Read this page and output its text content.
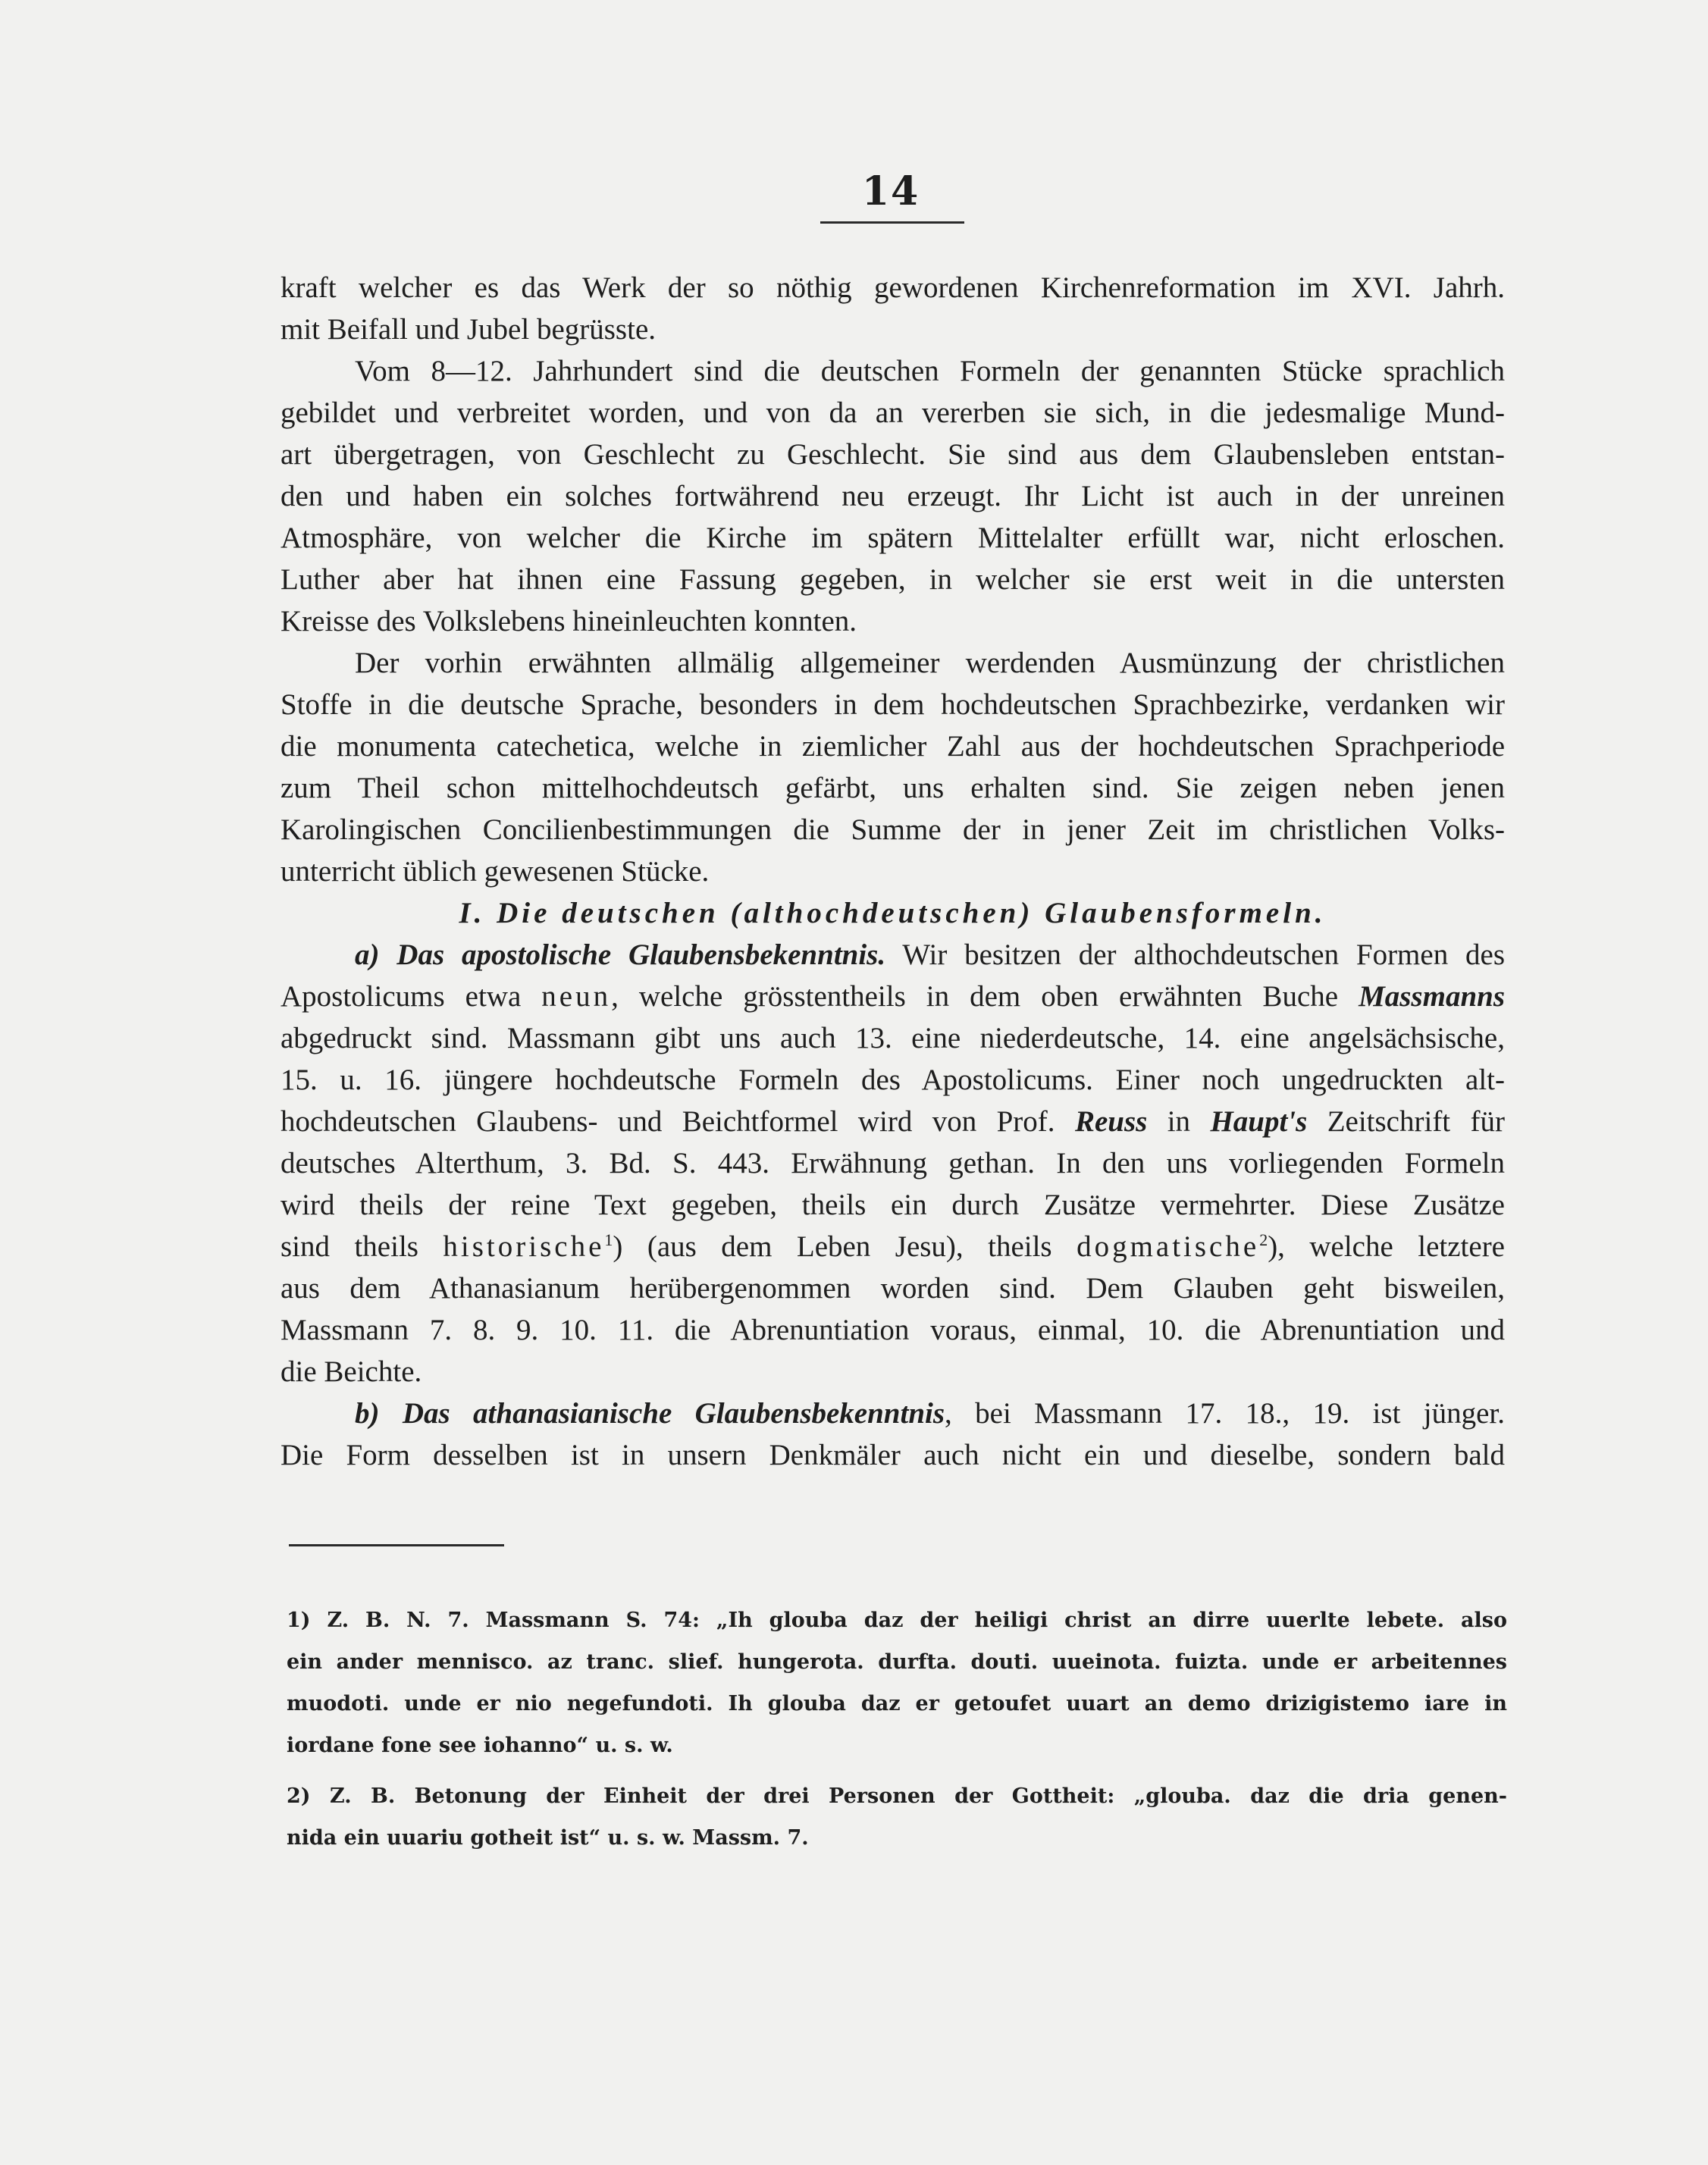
14
kraft welcher es das Werk der so nöthig gewordenen Kirchenreformation im XVI. Jahrh.
mit Beifall und Jubel begrüsste.
Vom 8—12. Jahrhundert sind die deutschen Formeln der genannten Stücke sprachlich
gebildet und verbreitet worden, und von da an vererben sie sich, in die jedesmalige Mund-
art übergetragen, von Geschlecht zu Geschlecht. Sie sind aus dem Glaubensleben entstan-
den und haben ein solches fortwährend neu erzeugt. Ihr Licht ist auch in der unreinen
Atmosphäre, von welcher die Kirche im spätern Mittelalter erfüllt war, nicht erloschen.
Luther aber hat ihnen eine Fassung gegeben, in welcher sie erst weit in die untersten
Kreisse des Volkslebens hineinleuchten konnten.
Der vorhin erwähnten allmälig allgemeiner werdenden Ausmünzung der christlichen
Stoffe in die deutsche Sprache, besonders in dem hochdeutschen Sprachbezirke, verdanken wir
die monumenta catechetica, welche in ziemlicher Zahl aus der hochdeutschen Sprachperiode
zum Theil schon mittelhochdeutsch gefärbt, uns erhalten sind. Sie zeigen neben jenen
Karolingischen Concilienbestimmungen die Summe der in jener Zeit im christlichen Volks-
unterricht üblich gewesenen Stücke.
I. Die deutschen (althochdeutschen) Glaubensformeln.
a) Das apostolische Glaubensbekenntnis. Wir besitzen der althochdeutschen Formen des
Apostolicums etwa neun, welche grösstentheils in dem oben erwähnten Buche Massmanns
abgedruckt sind. Massmann gibt uns auch 13. eine niederdeutsche, 14. eine angelsächsische,
15. u. 16. jüngere hochdeutsche Formeln des Apostolicums. Einer noch ungedruckten alt-
hochdeutschen Glaubens- und Beichtformel wird von Prof. Reuss in Haupt's Zeitschrift für
deutsches Alterthum, 3. Bd. S. 443. Erwähnung gethan. In den uns vorliegenden Formeln
wird theils der reine Text gegeben, theils ein durch Zusätze vermehrter. Diese Zusätze
sind theils historische$^1$) (aus dem Leben Jesu), theils dogmatische$^2$), welche letztere
aus dem Athanasianum herübergenommen worden sind. Dem Glauben geht bisweilen,
Massmann 7. 8. 9. 10. 11. die Abrenuntiation voraus, einmal, 10. die Abrenuntiation und
die Beichte.
b) Das athanasianische Glaubensbekenntnis, bei Massmann 17. 18., 19. ist jünger.
Die Form desselben ist in unsern Denkmäler auch nicht ein und dieselbe, sondern bald
1) Z. B. N. 7. Massmann S. 74: „Ih glouba daz der heiligi christ an dirre uuerlte lebete. also
ein ander mennisco. az tranc. slief. hungerota. durfta. douti. uueinota. fuizta. unde er arbeitennes
muodoti. unde er nio negefundoti. Ih glouba daz er getoufet uuart an demo drizigistemo iare in
iordane fone see iohanno“ u. s. w.
2) Z. B. Betonung der Einheit der drei Personen der Gottheit: „glouba. daz die dria genen-
nida ein uuariu gotheit ist“ u. s. w. Massm. 7.
